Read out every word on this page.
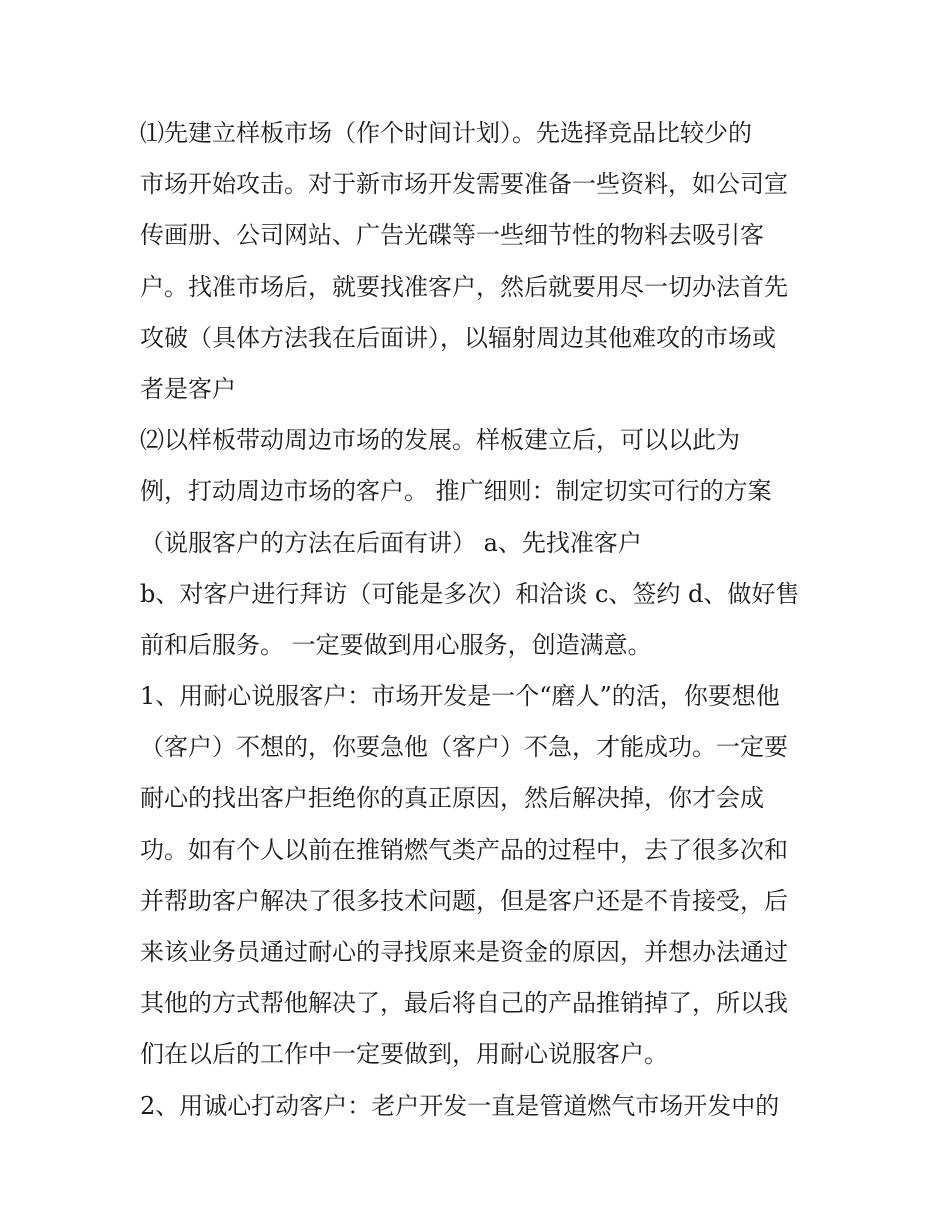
⑴先建立样板市场（作个时间计划）。先选择竞品比较少的
市场开始攻击。对于新市场开发需要准备一些资料，如公司宣
传画册、公司网站、广告光碟等一些细节性的物料去吸引客
户。找准市场后，就要找准客户，然后就要用尽一切办法首先
攻破（具体方法我在后面讲），以辐射周边其他难攻的市场或
者是客户
⑵以样板带动周边市场的发展。样板建立后，可以以此为
例，打动周边市场的客户。 推广细则：制定切实可行的方案
（说服客户的方法在后面有讲） a、先找准客户
b、对客户进行拜访（可能是多次）和洽谈 c、签约 d、做好售
前和后服务。 一定要做到用心服务，创造满意。
1、用耐心说服客户：市场开发是一个“磨人”的活，你要想他
（客户）不想的，你要急他（客户）不急，才能成功。一定要
耐心的找出客户拒绝你的真正原因，然后解决掉，你才会成
功。如有个人以前在推销燃气类产品的过程中，去了很多次和
并帮助客户解决了很多技术问题，但是客户还是不肯接受，后
来该业务员通过耐心的寻找原来是资金的原因，并想办法通过
其他的方式帮他解决了，最后将自己的产品推销掉了，所以我
们在以后的工作中一定要做到，用耐心说服客户。
2、用诚心打动客户：老户开发一直是管道燃气市场开发中的
